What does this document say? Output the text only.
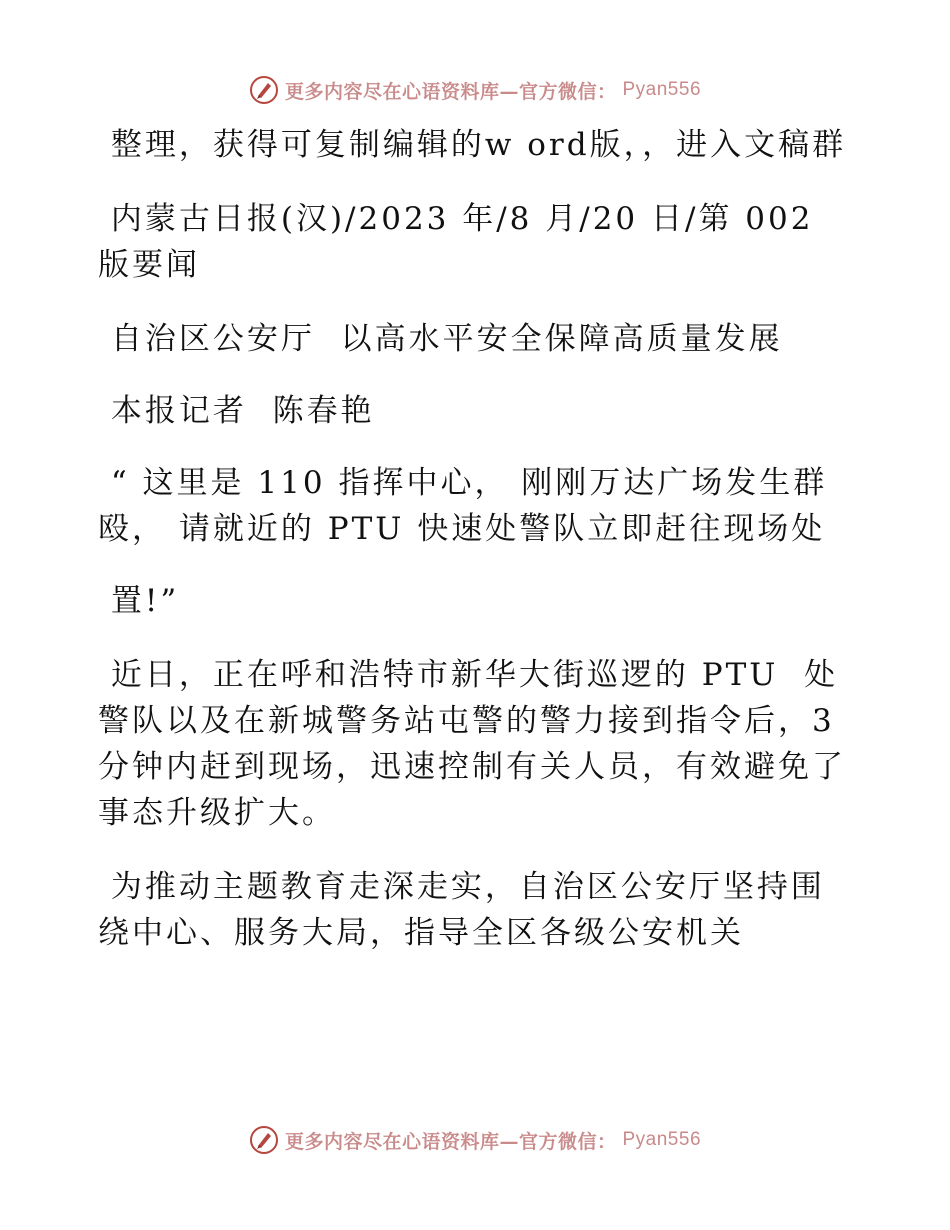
更多内容尽在心语资料库—官方微信： Pyan556

整理，获得可复制编辑的w ord版，，进入文稿群

内蒙古日报(汉)/2023 年/8 月/20 日/第 002 版要闻

自治区公安厅  以高水平安全保障高质量发展

本报记者  陈春艳

“ 这里是 110 指挥中心， 刚刚万达广场发生群殴， 请就近的 PTU 快速处警队立即赶往现场处

置!”

近日，正在呼和浩特市新华大街巡逻的 PTU  处警队以及在新城警务站屯警的警力接到指令后，3分钟内赶到现场，迅速控制有关人员，有效避免了事态升级扩大。

为推动主题教育走深走实，自治区公安厅坚持围绕中心、服务大局，指导全区各级公安机关

更多内容尽在心语资料库—官方微信： Pyan556
